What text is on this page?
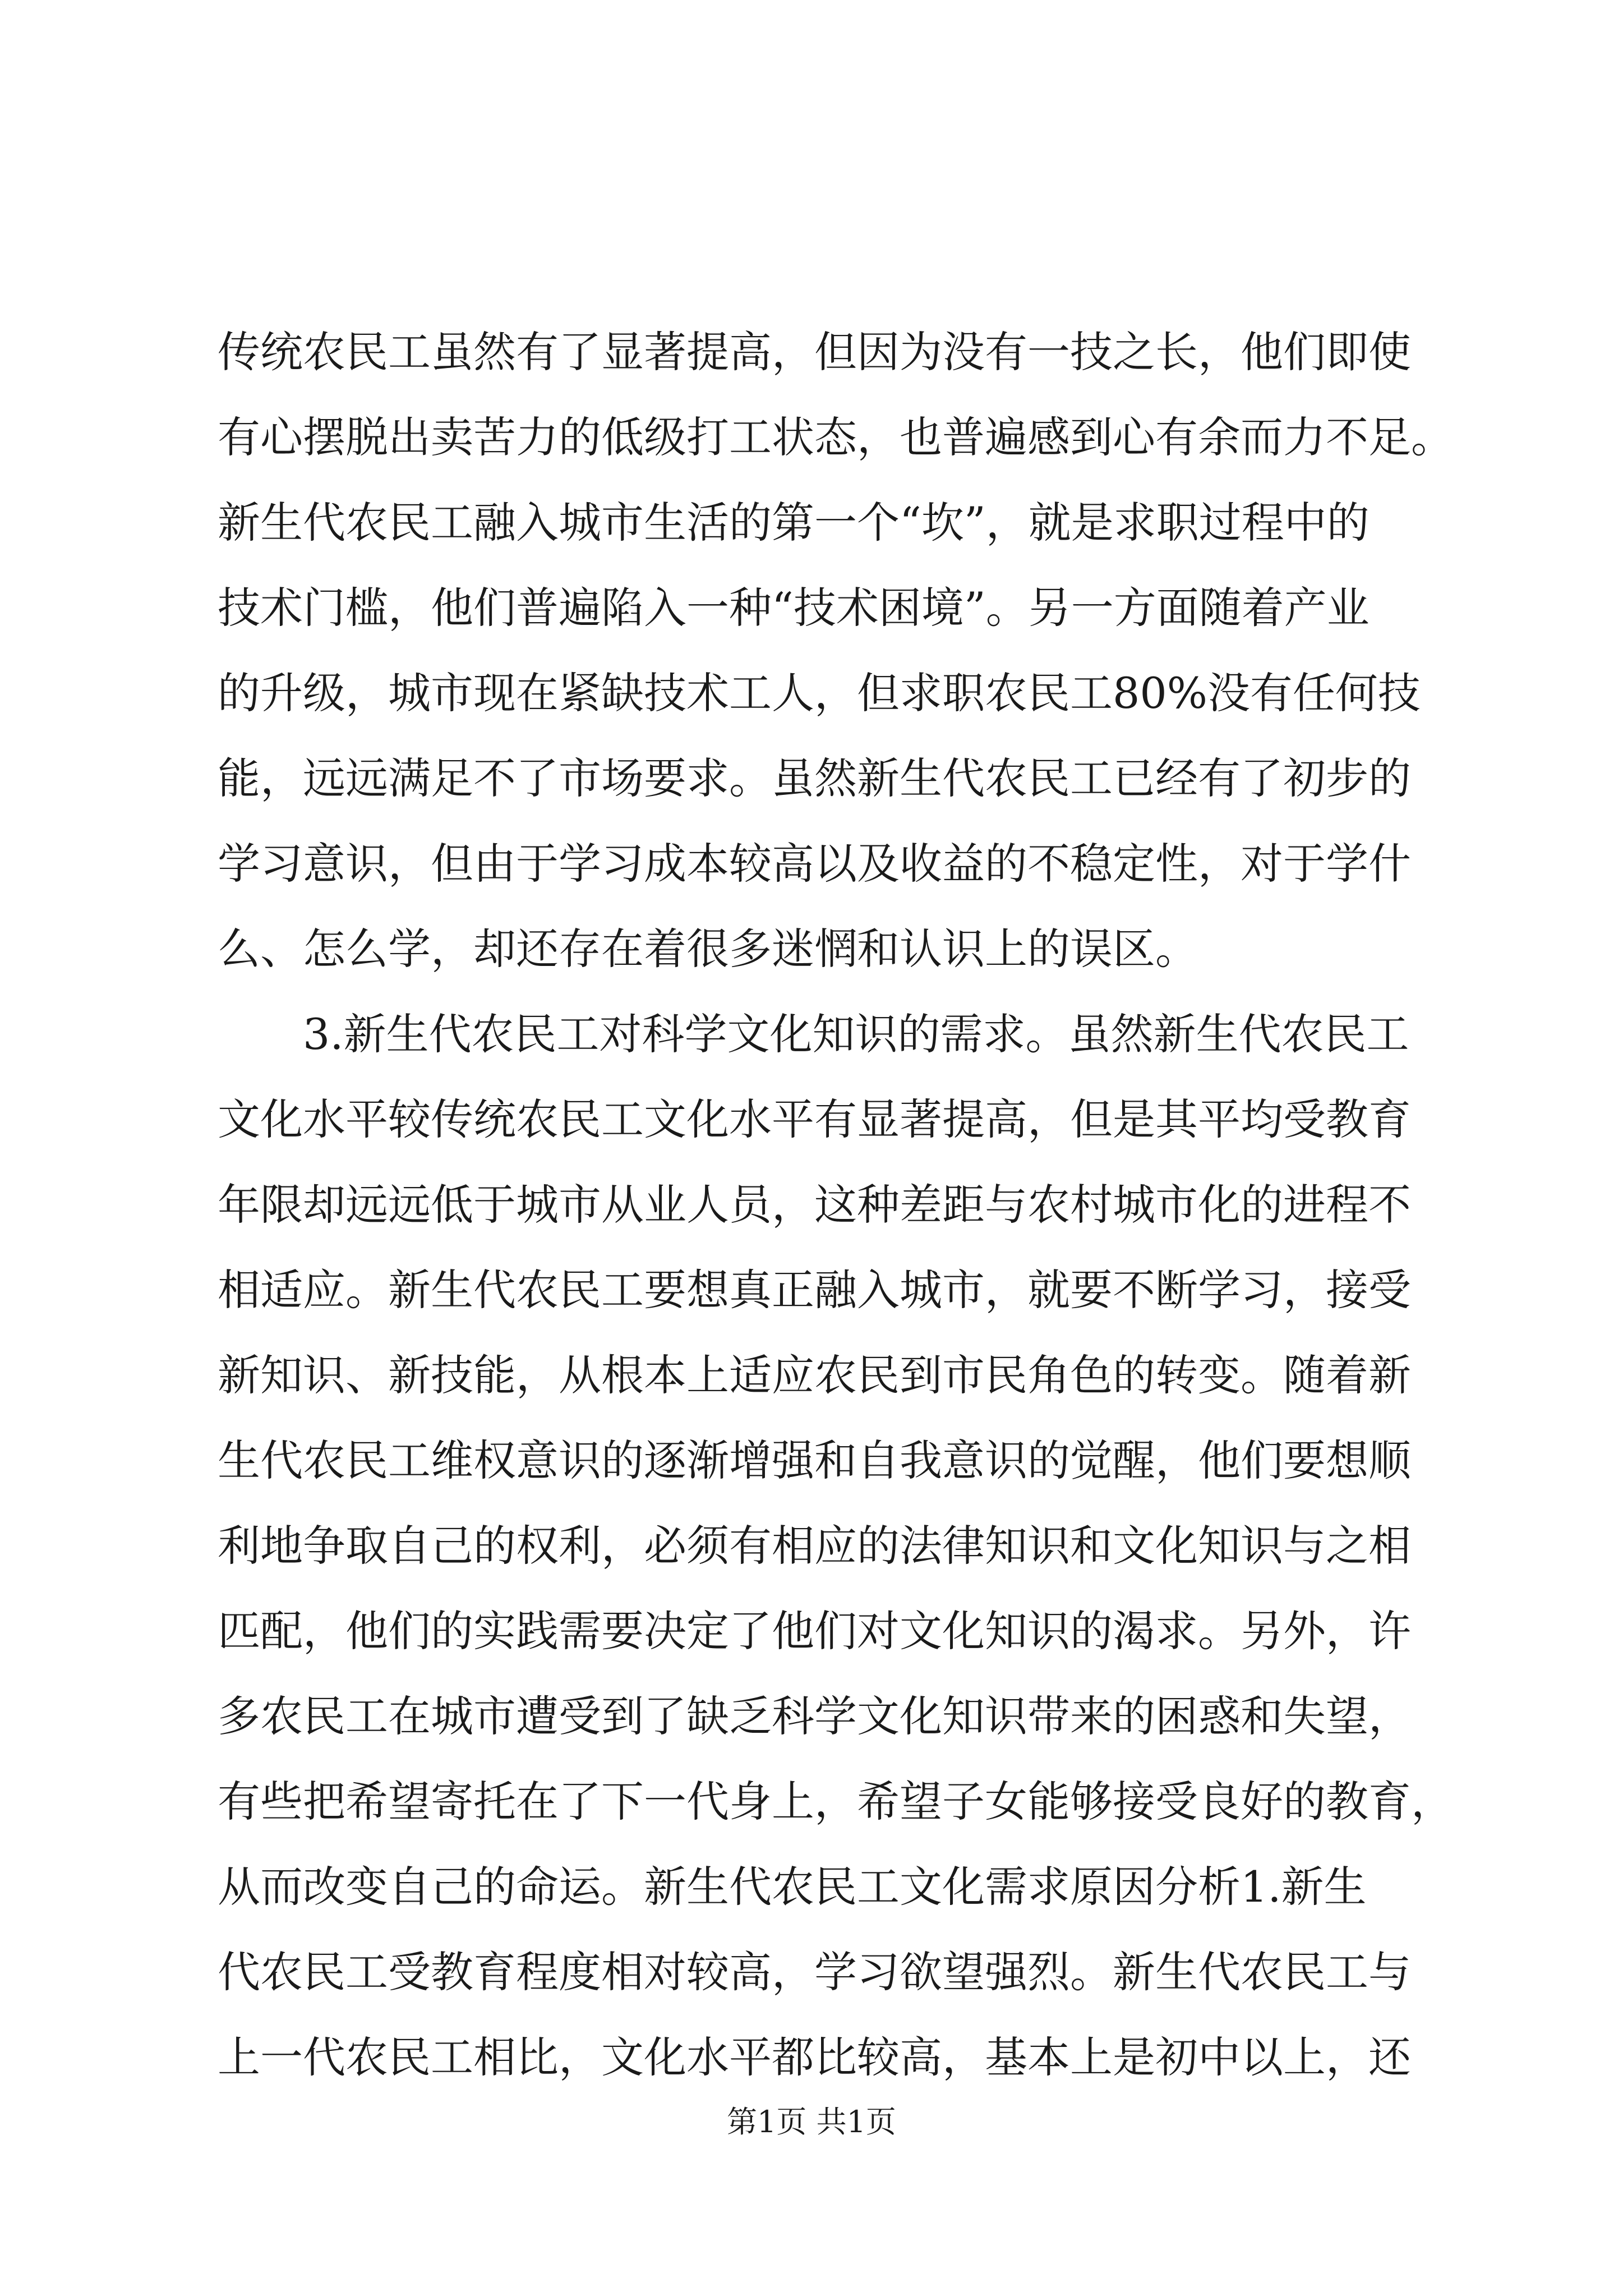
传统农民工虽然有了显著提高，但因为没有一技之长，他们即使
有心摆脱出卖苦力的低级打工状态，也普遍感到心有余而力不足。
新生代农民工融入城市生活的第一个“坎”，就是求职过程中的
技术门槛，他们普遍陷入一种“技术困境”。另一方面随着产业
的升级，城市现在紧缺技术工人，但求职农民工80%没有任何技
能，远远满足不了市场要求。虽然新生代农民工已经有了初步的
学习意识，但由于学习成本较高以及收益的不稳定性，对于学什
么、怎么学，却还存在着很多迷惘和认识上的误区。
3.新生代农民工对科学文化知识的需求。虽然新生代农民工
文化水平较传统农民工文化水平有显著提高，但是其平均受教育
年限却远远低于城市从业人员，这种差距与农村城市化的进程不
相适应。新生代农民工要想真正融入城市，就要不断学习，接受
新知识、新技能，从根本上适应农民到市民角色的转变。随着新
生代农民工维权意识的逐渐增强和自我意识的觉醒，他们要想顺
利地争取自己的权利，必须有相应的法律知识和文化知识与之相
匹配，他们的实践需要决定了他们对文化知识的渴求。另外，许
多农民工在城市遭受到了缺乏科学文化知识带来的困惑和失望，
有些把希望寄托在了下一代身上，希望子女能够接受良好的教育，
从而改变自己的命运。新生代农民工文化需求原因分析1.新生
代农民工受教育程度相对较高，学习欲望强烈。新生代农民工与
上一代农民工相比，文化水平都比较高，基本上是初中以上，还
第1页 共1页
